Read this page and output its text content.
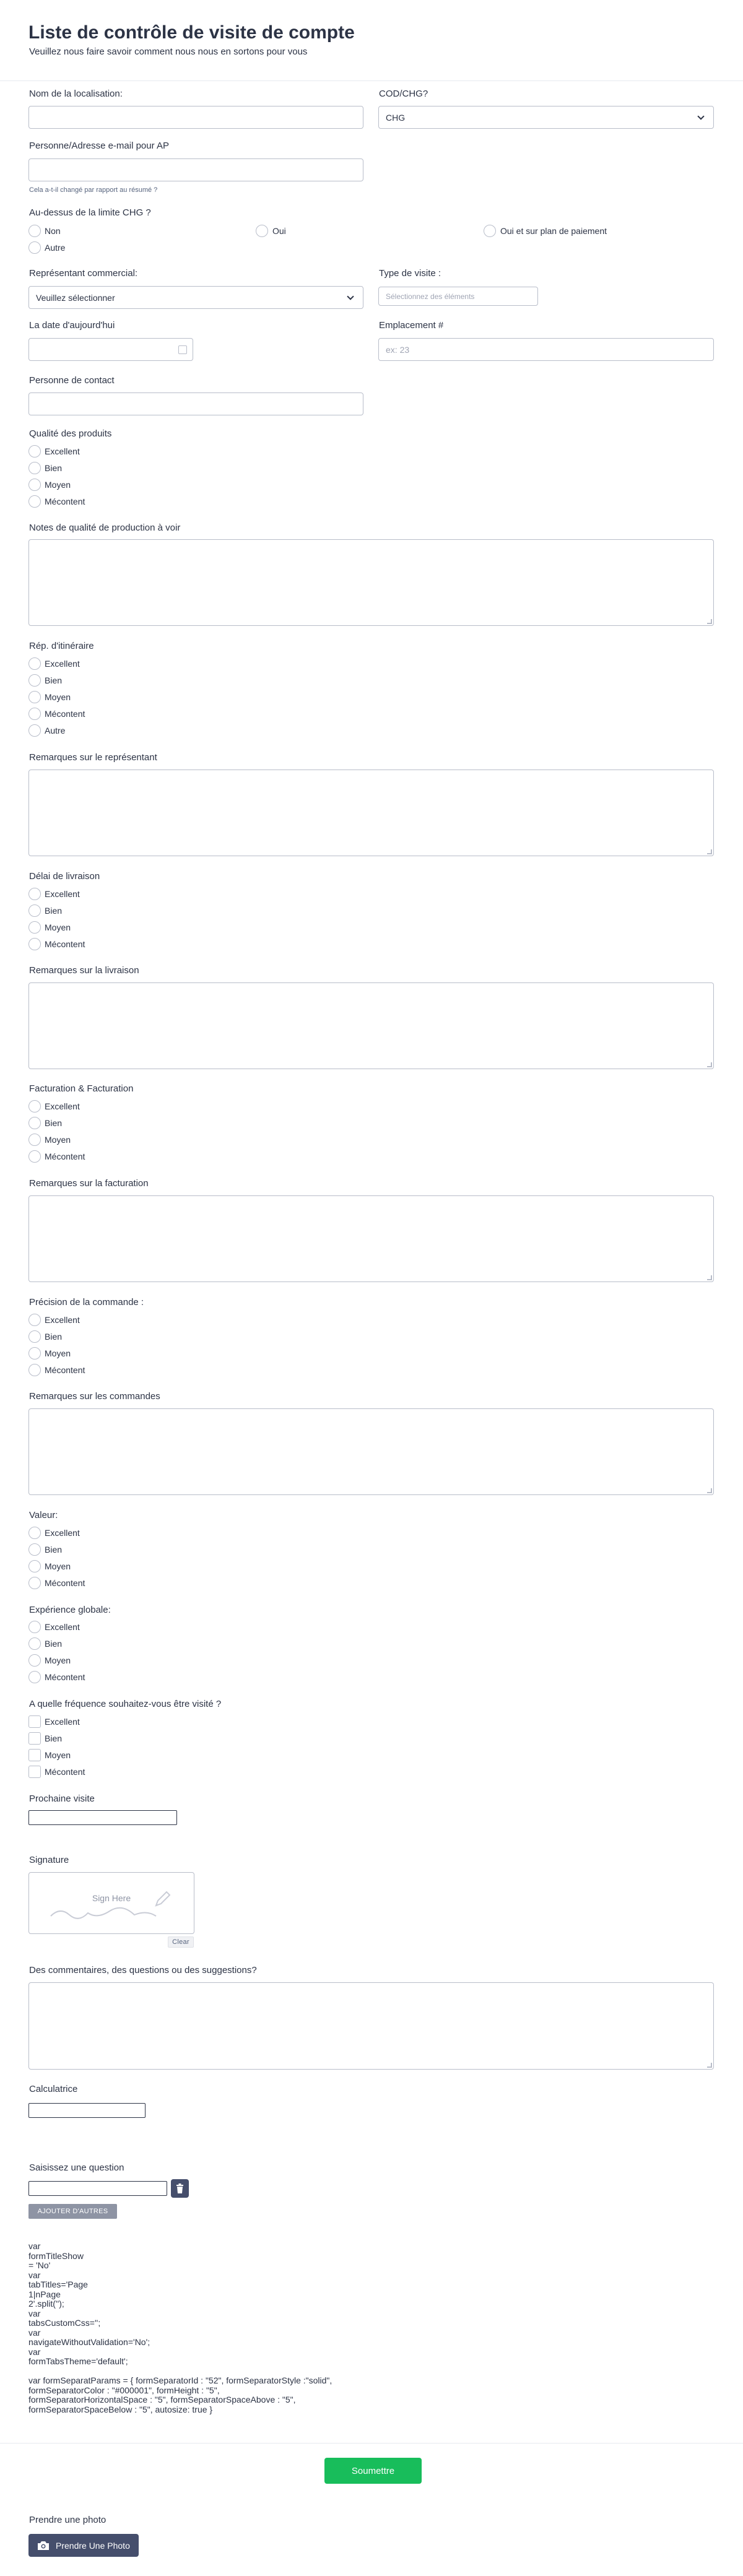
Liste de contrôle de visite de compte
Veuillez nous faire savoir comment nous nous en sortons pour vous
Nom de la localisation:	COD/CHG?
CHG
Personne/Adresse e-mail pour AP
Cela a-t-il changé par rapport au résumé ?
Au-dessus de la limite CHG ?
Non	Oui	Oui et sur plan de paiement
Autre
Représentant commercial:
Veuillez sélectionner
Type de visite :
Sélectionnez des éléments
La date d'aujourd'hui	Emplacement #
ex: 23
Personne de contact
Qualité des produits
Excellent
Bien
Moyen
Mécontent
Notes de qualité de production à voir
Rép. d'itinéraire
Excellent
Bien
Moyen
Mécontent
Autre
Remarques sur le représentant
Délai de livraison
Excellent
Bien
Moyen
Mécontent
Remarques sur la livraison
Facturation & Facturation
Excellent
Bien
Moyen
Mécontent
Remarques sur la facturation
Précision de la commande :
Excellent
Bien
Moyen
Mécontent
Remarques sur les commandes
Valeur:
Excellent
Bien
Moyen
Mécontent
Expérience globale:
Excellent
Bien
Moyen
Mécontent
A quelle fréquence souhaitez-vous être visité ?
Excellent
Bien
Moyen
Mécontent
Prochaine visite
Signature
Sign Here
Clear
Des commentaires, des questions ou des suggestions?
Calculatrice
Saisissez une question
AJOUTER D'AUTRES
var
formTitleShow
= 'No'
var
tabTitles='Page
1|nPage
2'.split('');
var
tabsCustomCss='';
var
navigateWithoutValidation='No';
var
formTabsTheme='default';

var formSeparatParams = { formSeparatorId : "52", formSeparatorStyle :"solid",
formSeparatorColor : "#000001", formHeight : "5",
formSeparatorHorizontalSpace : "5", formSeparatorSpaceAbove : "5",
formSeparatorSpaceBelow : "5", autosize: true }
Soumettre
Prendre une photo
Prendre Une Photo
